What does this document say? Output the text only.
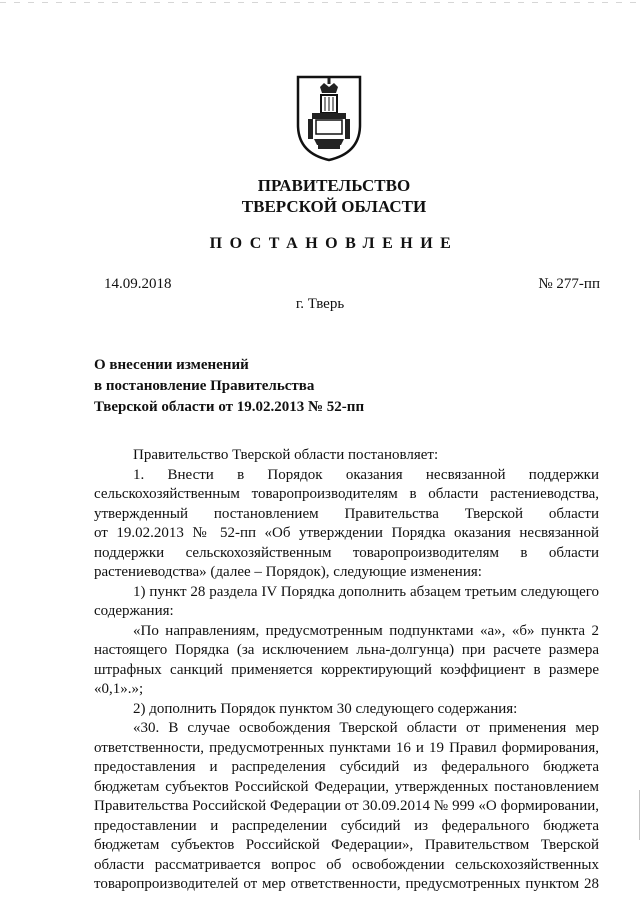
ПРАВИТЕЛЬСТВО
ТВЕРСКОЙ ОБЛАСТИ
ПОСТАНОВЛЕНИЕ
14.09.2018	№ 277-пп
г. Тверь
О внесении изменений
в постановление Правительства
Тверской области от 19.02.2013 № 52-пп

Правительство Тверской области постановляет:

1. Внести в Порядок оказания несвязанной поддержки

сельскохозяйственным товаропроизводителям в области растениеводства,

утвержденный постановлением Правительства Тверской области

от 19.02.2013 № 52-пп «Об утверждении Порядка оказания несвязанной

поддержки сельскохозяйственным товаропроизводителям в области

растениеводства» (далее – Порядок), следующие изменения:

1) пункт 28 раздела IV Порядка дополнить абзацем третьим следующего

содержания:

«По направлениям, предусмотренным подпунктами «а», «б» пункта 2

настоящего Порядка (за исключением льна-долгунца) при расчете размера

штрафных санкций применяется корректирующий коэффициент в размере

«0,1».»;

2) дополнить Порядок пунктом 30 следующего содержания:

«30. В случае освобождения Тверской области от применения мер

ответственности, предусмотренных пунктами 16 и 19 Правил формирования,

предоставления и распределения субсидий из федерального бюджета

бюджетам субъектов Российской Федерации, утвержденных постановлением

Правительства Российской Федерации от 30.09.2014 № 999 «О формировании,

предоставлении и распределении субсидий из федерального бюджета

бюджетам субъектов Российской Федерации», Правительством Тверской

области рассматривается вопрос об освобождении сельскохозяйственных

товаропроизводителей от мер ответственности, предусмотренных пунктом 28
